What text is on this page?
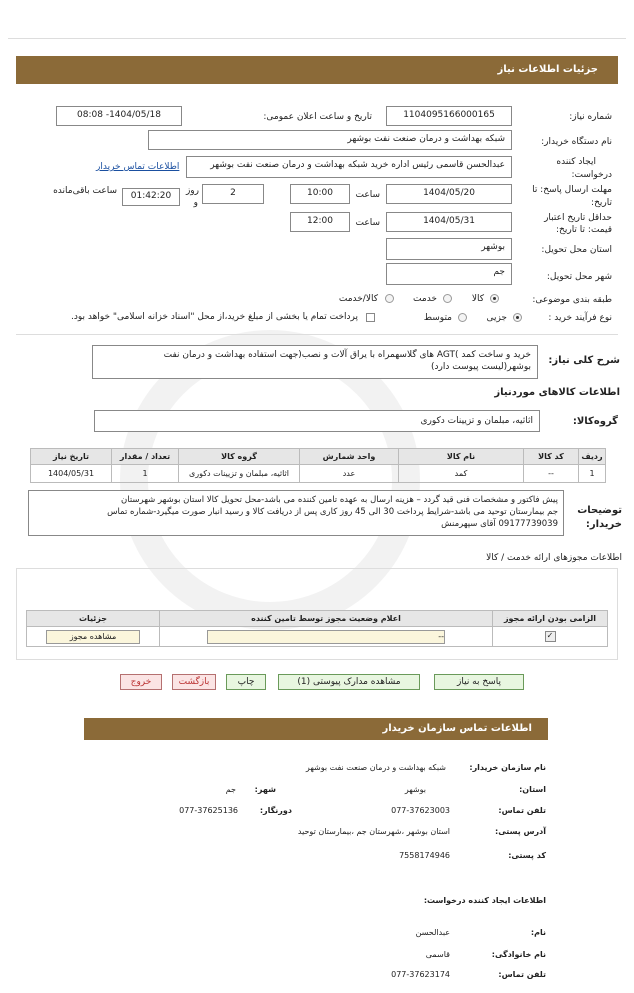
جزئیات اطلاعات نیاز
شماره نیاز:
1104095166000165
تاریخ و ساعت اعلان عمومی:
1404/05/18- 08:08
نام دستگاه خریدار:
شبکه بهداشت و درمان صنعت نفت بوشهر
ایجاد کننده
درخواست:
عبدالحسن قاسمی رئیس اداره خرید شبکه بهداشت و درمان صنعت نفت بوشهر
اطلاعات تماس خریدار
مهلت ارسال پاسخ: تا
تاریخ:
1404/05/20
ساعت
10:00
2
روز
و
01:42:20
ساعت باقی‌مانده
حداقل تاریخ اعتبار
قیمت: تا تاریخ:
1404/05/31
ساعت
12:00
استان محل تحویل:
بوشهر
شهر محل تحویل:
جم
طبقه بندی موضوعی:
کالا
خدمت
کالا/خدمت
نوع فرآیند خرید :
جزیی
متوسط
پرداخت تمام یا بخشی از مبلغ خرید،از محل "اسناد خزانه اسلامی" خواهد بود.
شرح کلی نیاز:
خرید و ساخت کمد )AGT های گلاسهمراه با یراق آلات و نصب(جهت استفاده بهداشت و درمان نفت
بوشهر(لیست پیوست دارد)
اطلاعات کالاهای مورد‌نیاز
گروه‌کالا:
اثاثیه، مبلمان و تزیینات دکوری
ردیف	کد کالا	نام کالا	واحد شمارش	گروه کالا	تعداد / مقدار	تاریخ نیاز
1	--	کمد	عدد	اثاثیه، مبلمان و تزیینات دکوری	1	1404/05/31
توضیحات
خریدار:
پیش فاکتور و مشخصات فنی قید گردد – هزینه ارسال به عهده تامین کننده می باشد-محل تحویل کالا استان بوشهر شهرستان
جم بیمارستان توحید می باشد-شرایط پرداخت 30 الی 45 روز کاری پس از دریافت کالا و رسید انبار صورت میگیرد-شماره تماس
09177739039 آقای سپهرمنش
اطلاعات مجوزهای ارائه خدمت / کالا
الزامی بودن ارائه مجوز	اعلام وضعیت مجوز توسط تامین کننده	جزئیات
✓	--	مشاهده مجوز
پاسخ به نیاز
مشاهده مدارک پیوستی (1)
چاپ
بازگشت
خروج
اطلاعات تماس سازمان خریدار
نام سازمان خریدار:
شبکه بهداشت و درمان صنعت نفت بوشهر
استان:
بوشهر
شهر:
جم
تلفن تماس:
077-37623003
دورنگار:
077-37625136
آدرس پستی:
استان بوشهر ،شهرستان جم ،بیمارستان توحید
کد پستی:
7558174946
اطلاعات ایجاد کننده درخواست:
نام:
عبدالحسن
نام خانوادگی:
قاسمی
تلفن تماس:
077-37623174
